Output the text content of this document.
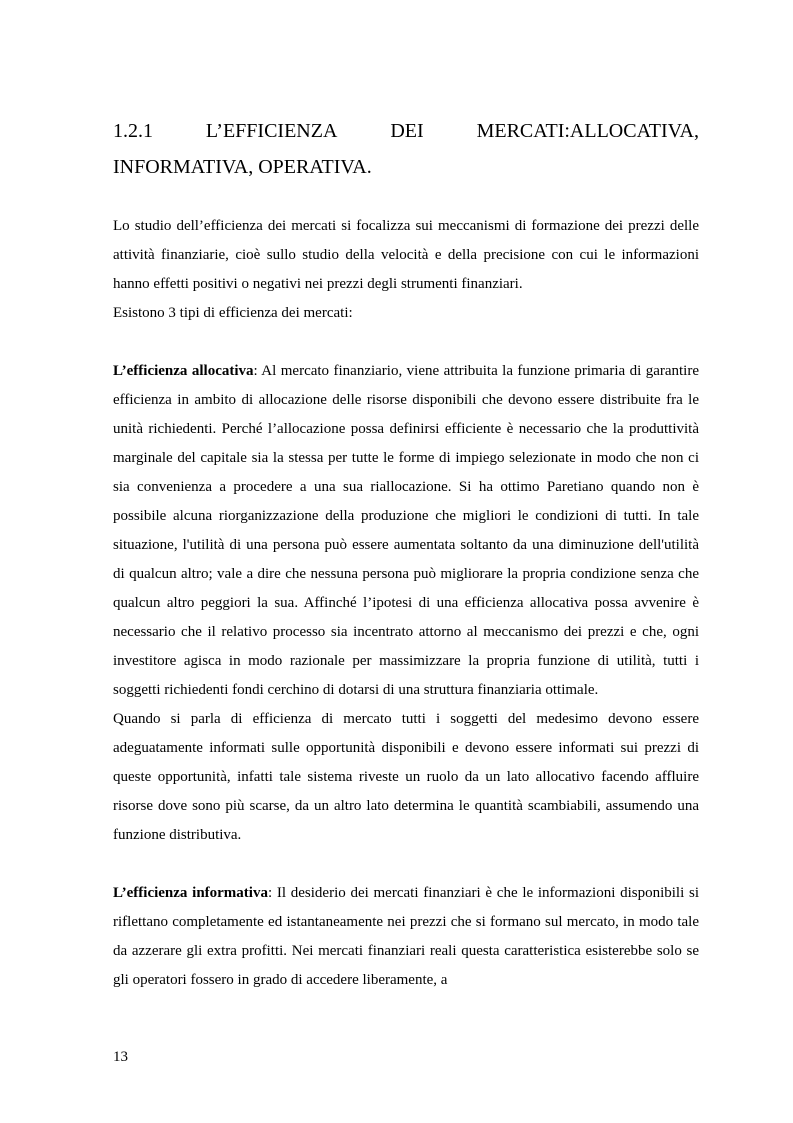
1.2.1	L’EFFICIENZA	DEI	MERCATI:ALLOCATIVA,
INFORMATIVA, OPERATIVA.

Lo studio dell’efficienza dei mercati si focalizza sui meccanismi di formazione dei prezzi delle attività finanziarie, cioè sullo studio della velocità e della precisione con cui le informazioni hanno effetti positivi o negativi nei prezzi degli strumenti finanziari.

Esistono 3 tipi di efficienza dei mercati:

L’efficienza allocativa: Al mercato finanziario, viene attribuita la funzione primaria di garantire efficienza in ambito di allocazione delle risorse disponibili che devono essere distribuite fra le unità richiedenti. Perché l’allocazione possa definirsi efficiente è necessario che la produttività marginale del capitale sia la stessa per tutte le forme di impiego selezionate in modo che non ci sia convenienza a procedere a una sua riallocazione. Si ha ottimo Paretiano quando non è possibile alcuna riorganizzazione della produzione che migliori le condizioni di tutti. In tale situazione, l'utilità di una persona può essere aumentata soltanto da una diminuzione dell'utilità di qualcun altro; vale a dire che nessuna persona può migliorare la propria condizione senza che qualcun altro peggiori la sua. Affinché l’ipotesi di una efficienza allocativa possa avvenire è necessario che il relativo processo sia incentrato attorno al meccanismo dei prezzi e che, ogni investitore agisca in modo razionale per massimizzare la propria funzione di utilità, tutti i soggetti richiedenti fondi cerchino di dotarsi di una struttura finanziaria ottimale.

Quando si parla di efficienza di mercato tutti i soggetti del medesimo devono essere adeguatamente informati sulle opportunità disponibili e devono essere informati sui prezzi di queste opportunità, infatti tale sistema riveste un ruolo da un lato allocativo facendo affluire risorse dove sono più scarse, da un altro lato determina le quantità scambiabili, assumendo una funzione distributiva.

L’efficienza informativa: Il desiderio dei mercati finanziari è che le informazioni disponibili si riflettano completamente ed istantaneamente nei prezzi che si formano sul mercato, in modo tale da azzerare gli extra profitti. Nei mercati finanziari reali questa caratteristica esisterebbe solo se gli operatori fossero in grado di accedere liberamente, a

13
